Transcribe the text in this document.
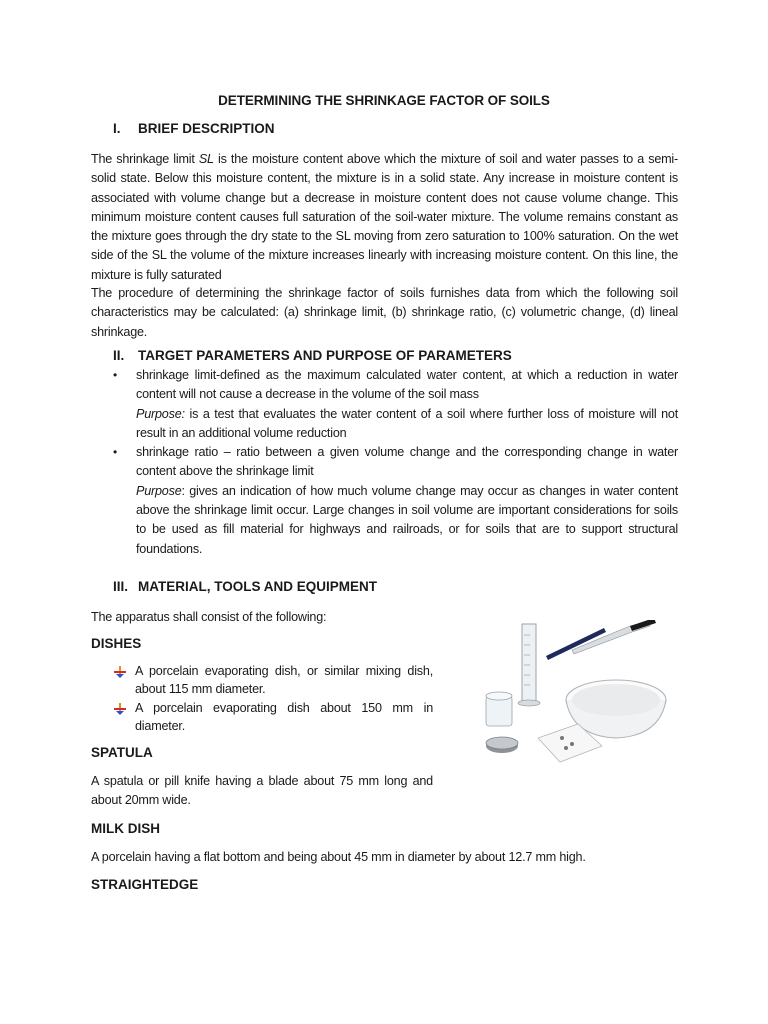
DETERMINING THE SHRINKAGE FACTOR OF SOILS
I. BRIEF DESCRIPTION
The shrinkage limit SL is the moisture content above which the mixture of soil and water passes to a semi-solid state. Below this moisture content, the mixture is in a solid state. Any increase in moisture content is associated with volume change but a decrease in moisture content does not cause volume change. This minimum moisture content causes full saturation of the soil-water mixture. The volume remains constant as the mixture goes through the dry state to the SL moving from zero saturation to 100% saturation. On the wet side of the SL the volume of the mixture increases linearly with increasing moisture content. On this line, the mixture is fully saturated
The procedure of determining the shrinkage factor of soils furnishes data from which the following soil characteristics may be calculated: (a) shrinkage limit, (b) shrinkage ratio, (c) volumetric change, (d) lineal shrinkage.
II. TARGET PARAMETERS AND PURPOSE OF PARAMETERS
• shrinkage limit-defined as the maximum calculated water content, at which a reduction in water content will not cause a decrease in the volume of the soil mass
Purpose: is a test that evaluates the water content of a soil where further loss of moisture will not result in an additional volume reduction
• shrinkage ratio – ratio between a given volume change and the corresponding change in water content above the shrinkage limit
Purpose: gives an indication of how much volume change may occur as changes in water content above the shrinkage limit occur. Large changes in soil volume are important considerations for soils to be used as fill material for highways and railroads, or for soils that are to support structural foundations.
III. MATERIAL, TOOLS AND EQUIPMENT
The apparatus shall consist of the following:
DISHES
A porcelain evaporating dish, or similar mixing dish, about 115 mm diameter.
A porcelain evaporating dish about 150 mm in diameter.
SPATULA
A spatula or pill knife having a blade about 75 mm long and about 20mm wide.
MILK DISH
A porcelain having a flat bottom and being about 45 mm in diameter by about 12.7 mm high.
STRAIGHTEDGE
